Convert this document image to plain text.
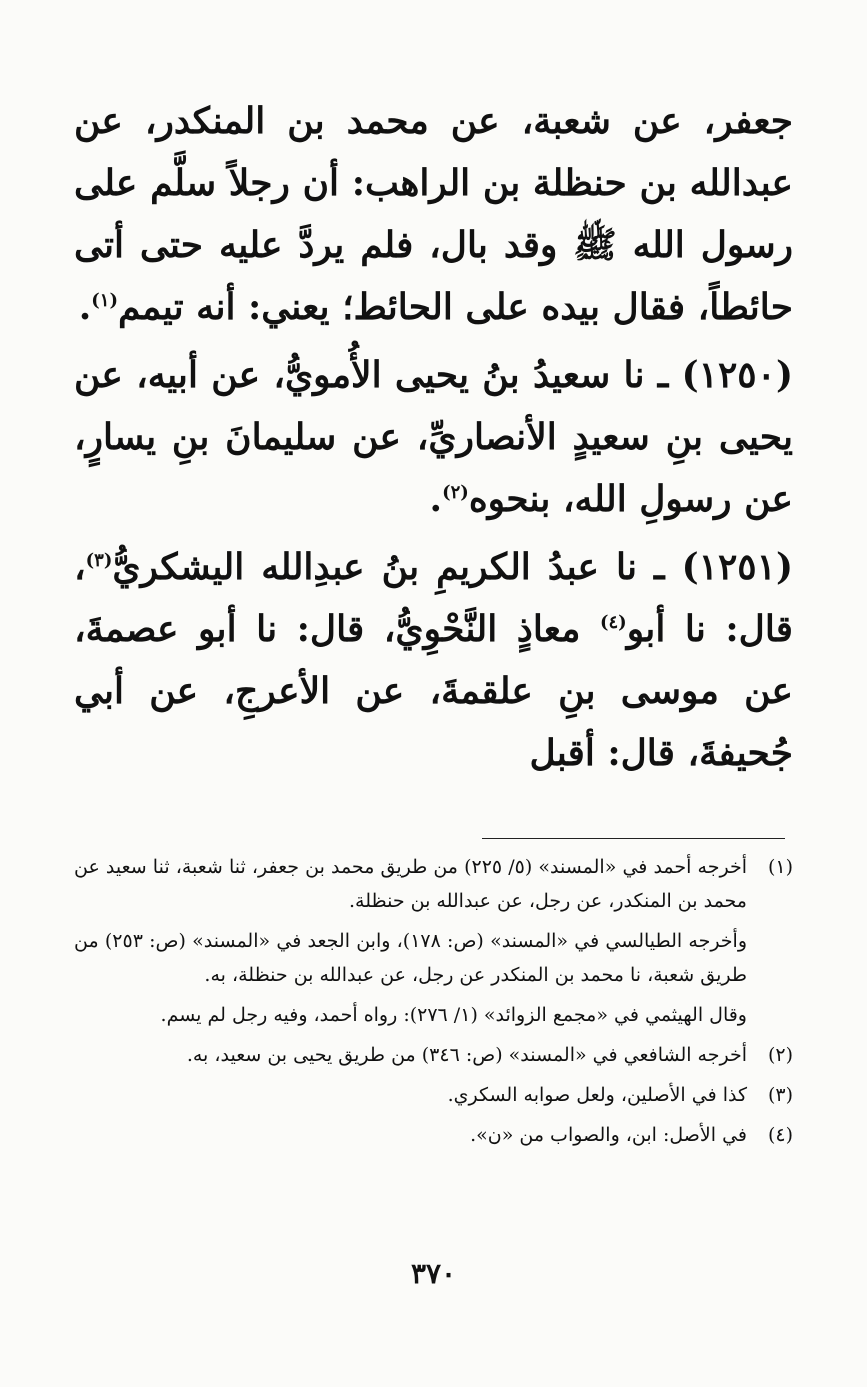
جعفر، عن شعبة، عن محمد بن المنكدر، عن عبدالله بن حنظلة بن الراهب: أن رجلاً سلَّم على رسول الله ﷺ وقد بال، فلم يردَّ عليه حتى أتى حائطاً، فقال بيده على الحائط؛ يعني: أنه تيمم$^{(١)}$.

(١٢٥٠) ـ نا سعيدُ بنُ يحيى الأُمويُّ، عن أبيه، عن يحيى بنِ سعيدٍ الأنصاريِّ، عن سليمانَ بنِ يسارٍ، عن رسولِ الله، بنحوه$^{(٢)}$.

(١٢٥١) ـ نا عبدُ الكريمِ بنُ عبدِالله اليشكريُّ$^{(٣)}$، قال: نا أبو$^{(٤)}$ معاذٍ النَّحْوِيُّ، قال: نا أبو عصمةَ، عن موسى بنِ علقمةَ، عن الأعرجِ، عن أبي جُحيفةَ، قال: أقبل

(١)

أخرجه أحمد في «المسند» (٥/ ٢٢٥) من طريق محمد بن جعفر، ثنا شعبة، ثنا سعيد عن محمد بن المنكدر، عن رجل، عن عبدالله بن حنظلة.

وأخرجه الطيالسي في «المسند» (ص: ١٧٨)، وابن الجعد في «المسند» (ص: ٢٥٣) من طريق شعبة، نا محمد بن المنكدر عن رجل، عن عبدالله بن حنظلة، به.

وقال الهيثمي في «مجمع الزوائد» (١/ ٢٧٦): رواه أحمد، وفيه رجل لم يسم.

(٢)

أخرجه الشافعي في «المسند» (ص: ٣٤٦) من طريق يحيى بن سعيد، به.

(٣)

كذا في الأصلين، ولعل صوابه السكري.

(٤)

في الأصل: ابن، والصواب من «ن».

٣٧٠
